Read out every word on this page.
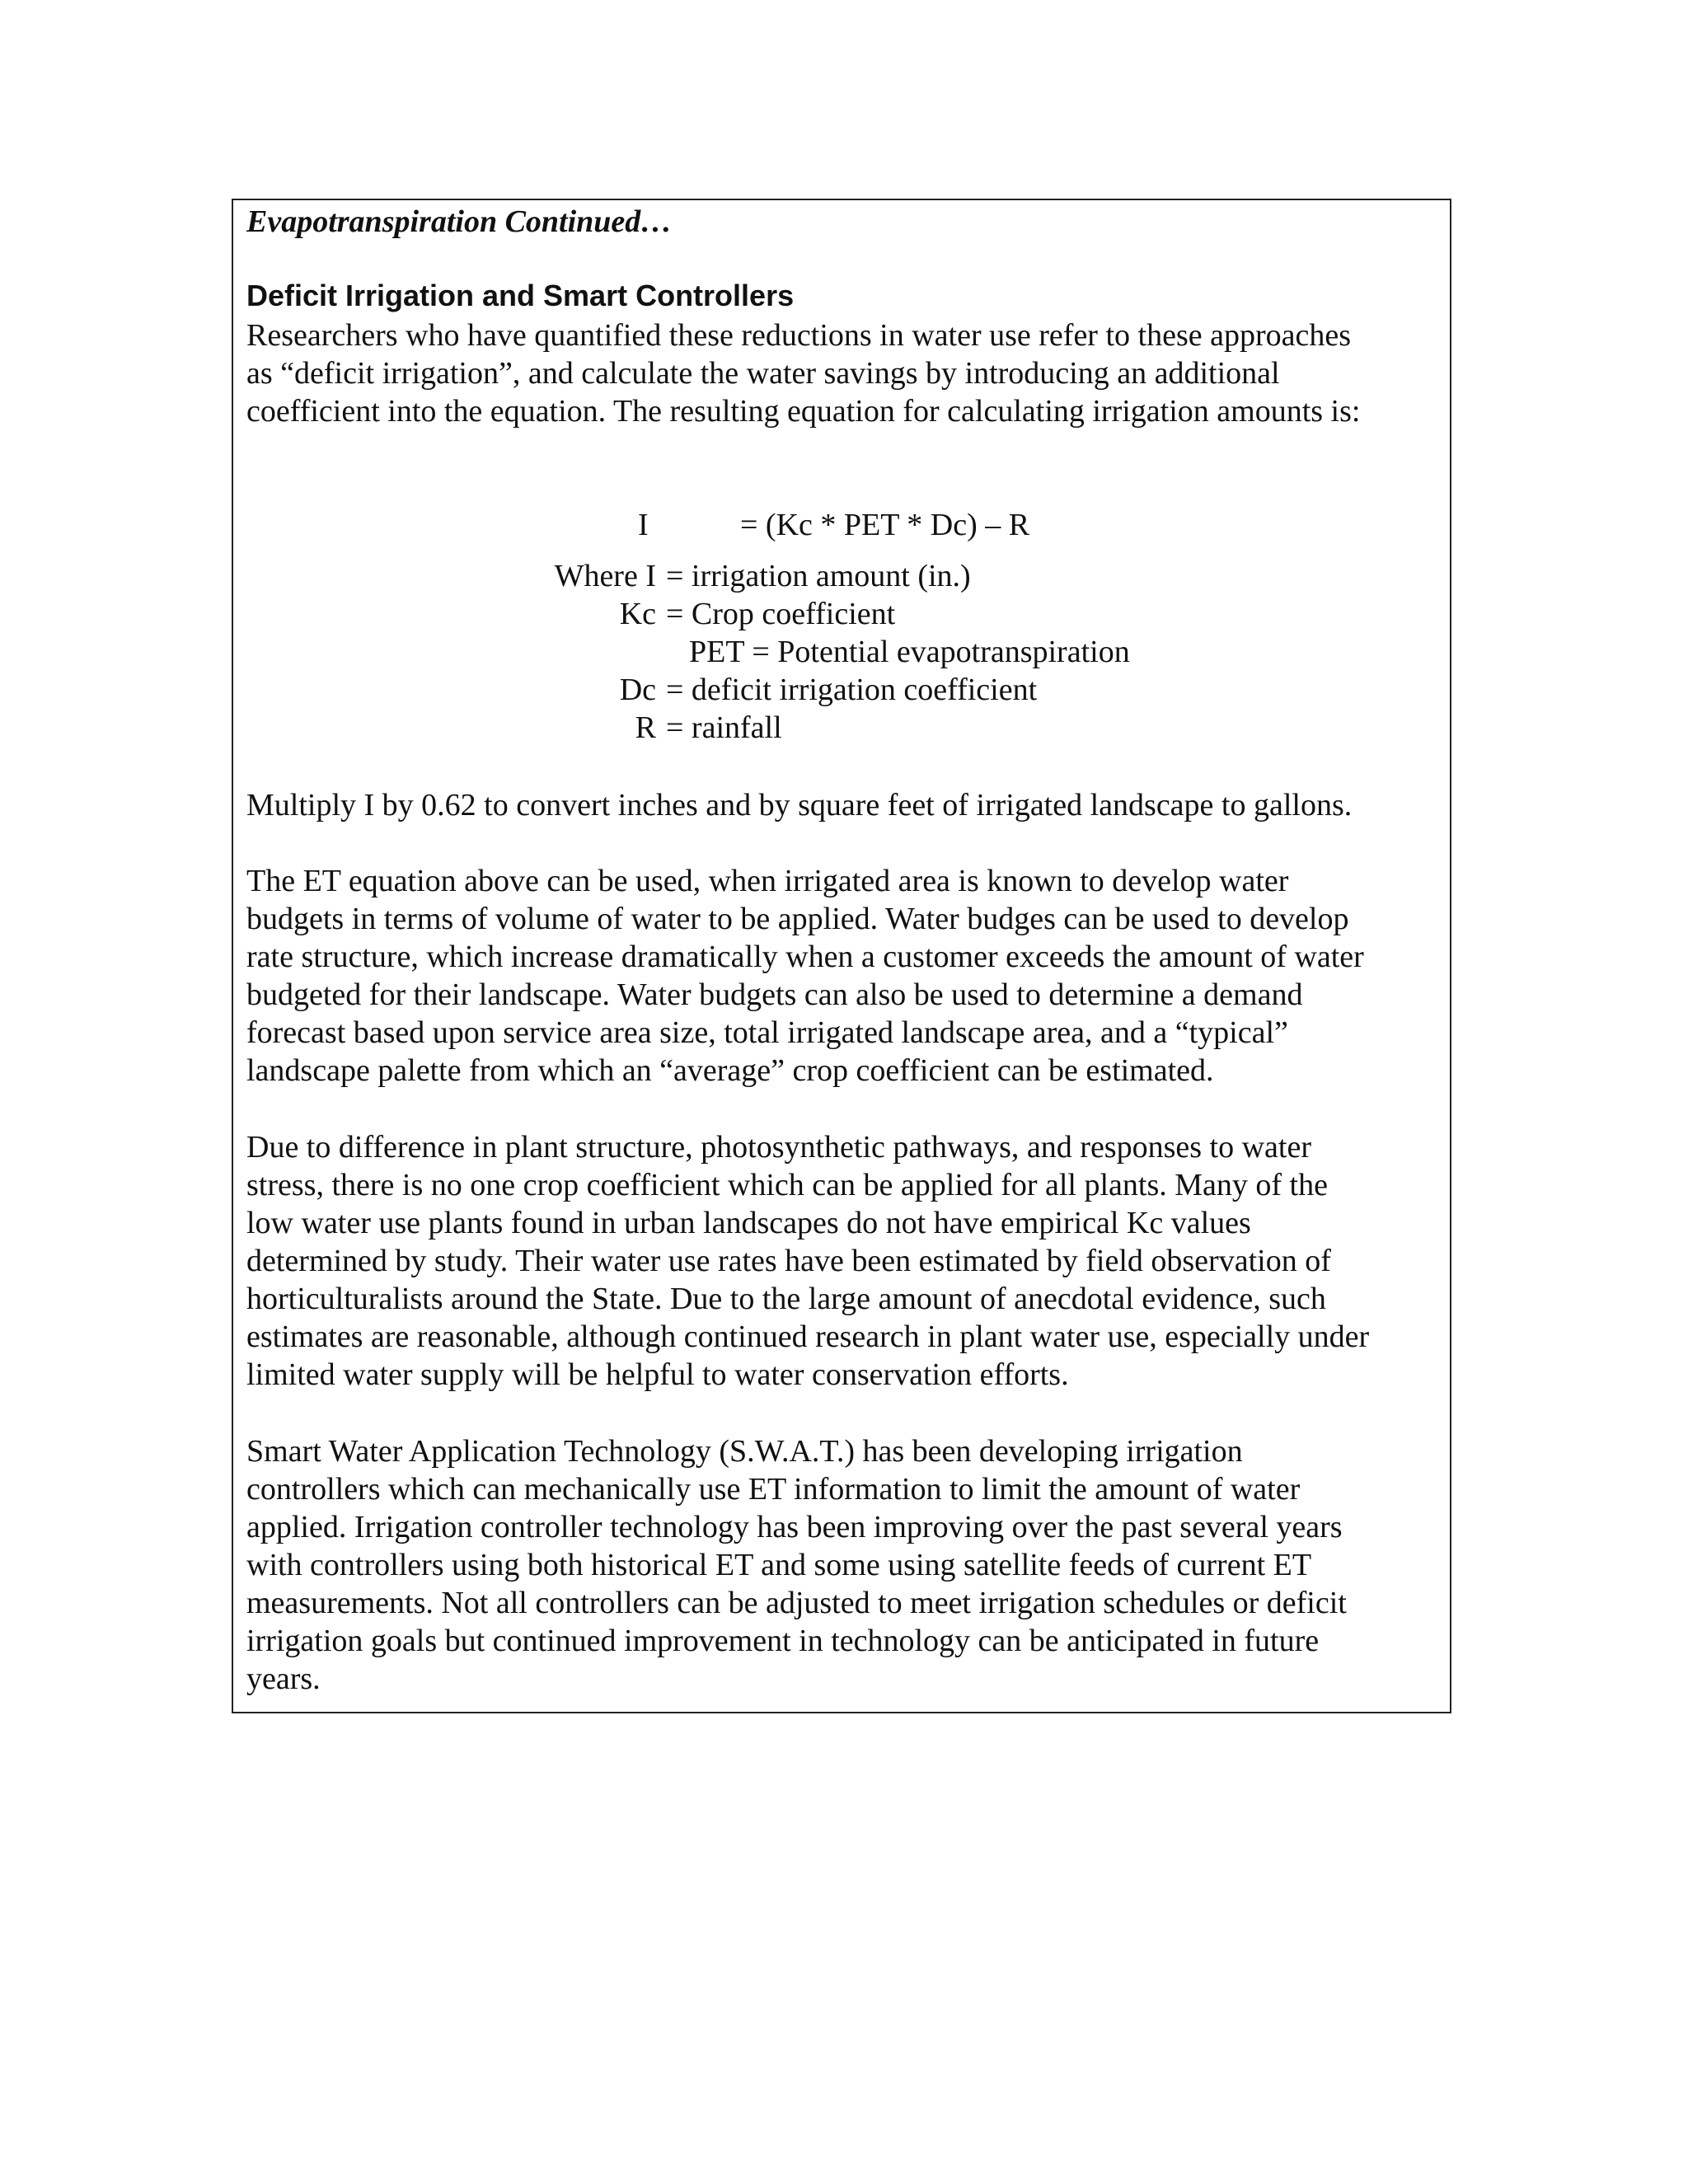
Evapotranspiration Continued…
Deficit Irrigation and Smart Controllers
Researchers who have quantified these reductions in water use refer to these approaches
as “deficit irrigation”, and calculate the water savings by introducing an additional
coefficient into the equation. The resulting equation for calculating irrigation amounts is:
I	= (Kc * PET * Dc) – R
Where I = irrigation amount (in.)
Kc = Crop coefficient
PET = Potential evapotranspiration
Dc = deficit irrigation coefficient
R = rainfall
Multiply I by 0.62 to convert inches and by square feet of irrigated landscape to gallons.
The ET equation above can be used, when irrigated area is known to develop water
budgets in terms of volume of water to be applied. Water budges can be used to develop
rate structure, which increase dramatically when a customer exceeds the amount of water
budgeted for their landscape. Water budgets can also be used to determine a demand
forecast based upon service area size, total irrigated landscape area, and a “typical”
landscape palette from which an “average” crop coefficient can be estimated.
Due to difference in plant structure, photosynthetic pathways, and responses to water
stress, there is no one crop coefficient which can be applied for all plants. Many of the
low water use plants found in urban landscapes do not have empirical Kc values
determined by study. Their water use rates have been estimated by field observation of
horticulturalists around the State. Due to the large amount of anecdotal evidence, such
estimates are reasonable, although continued research in plant water use, especially under
limited water supply will be helpful to water conservation efforts.
Smart Water Application Technology (S.W.A.T.) has been developing irrigation
controllers which can mechanically use ET information to limit the amount of water
applied. Irrigation controller technology has been improving over the past several years
with controllers using both historical ET and some using satellite feeds of current ET
measurements. Not all controllers can be adjusted to meet irrigation schedules or deficit
irrigation goals but continued improvement in technology can be anticipated in future
years.
